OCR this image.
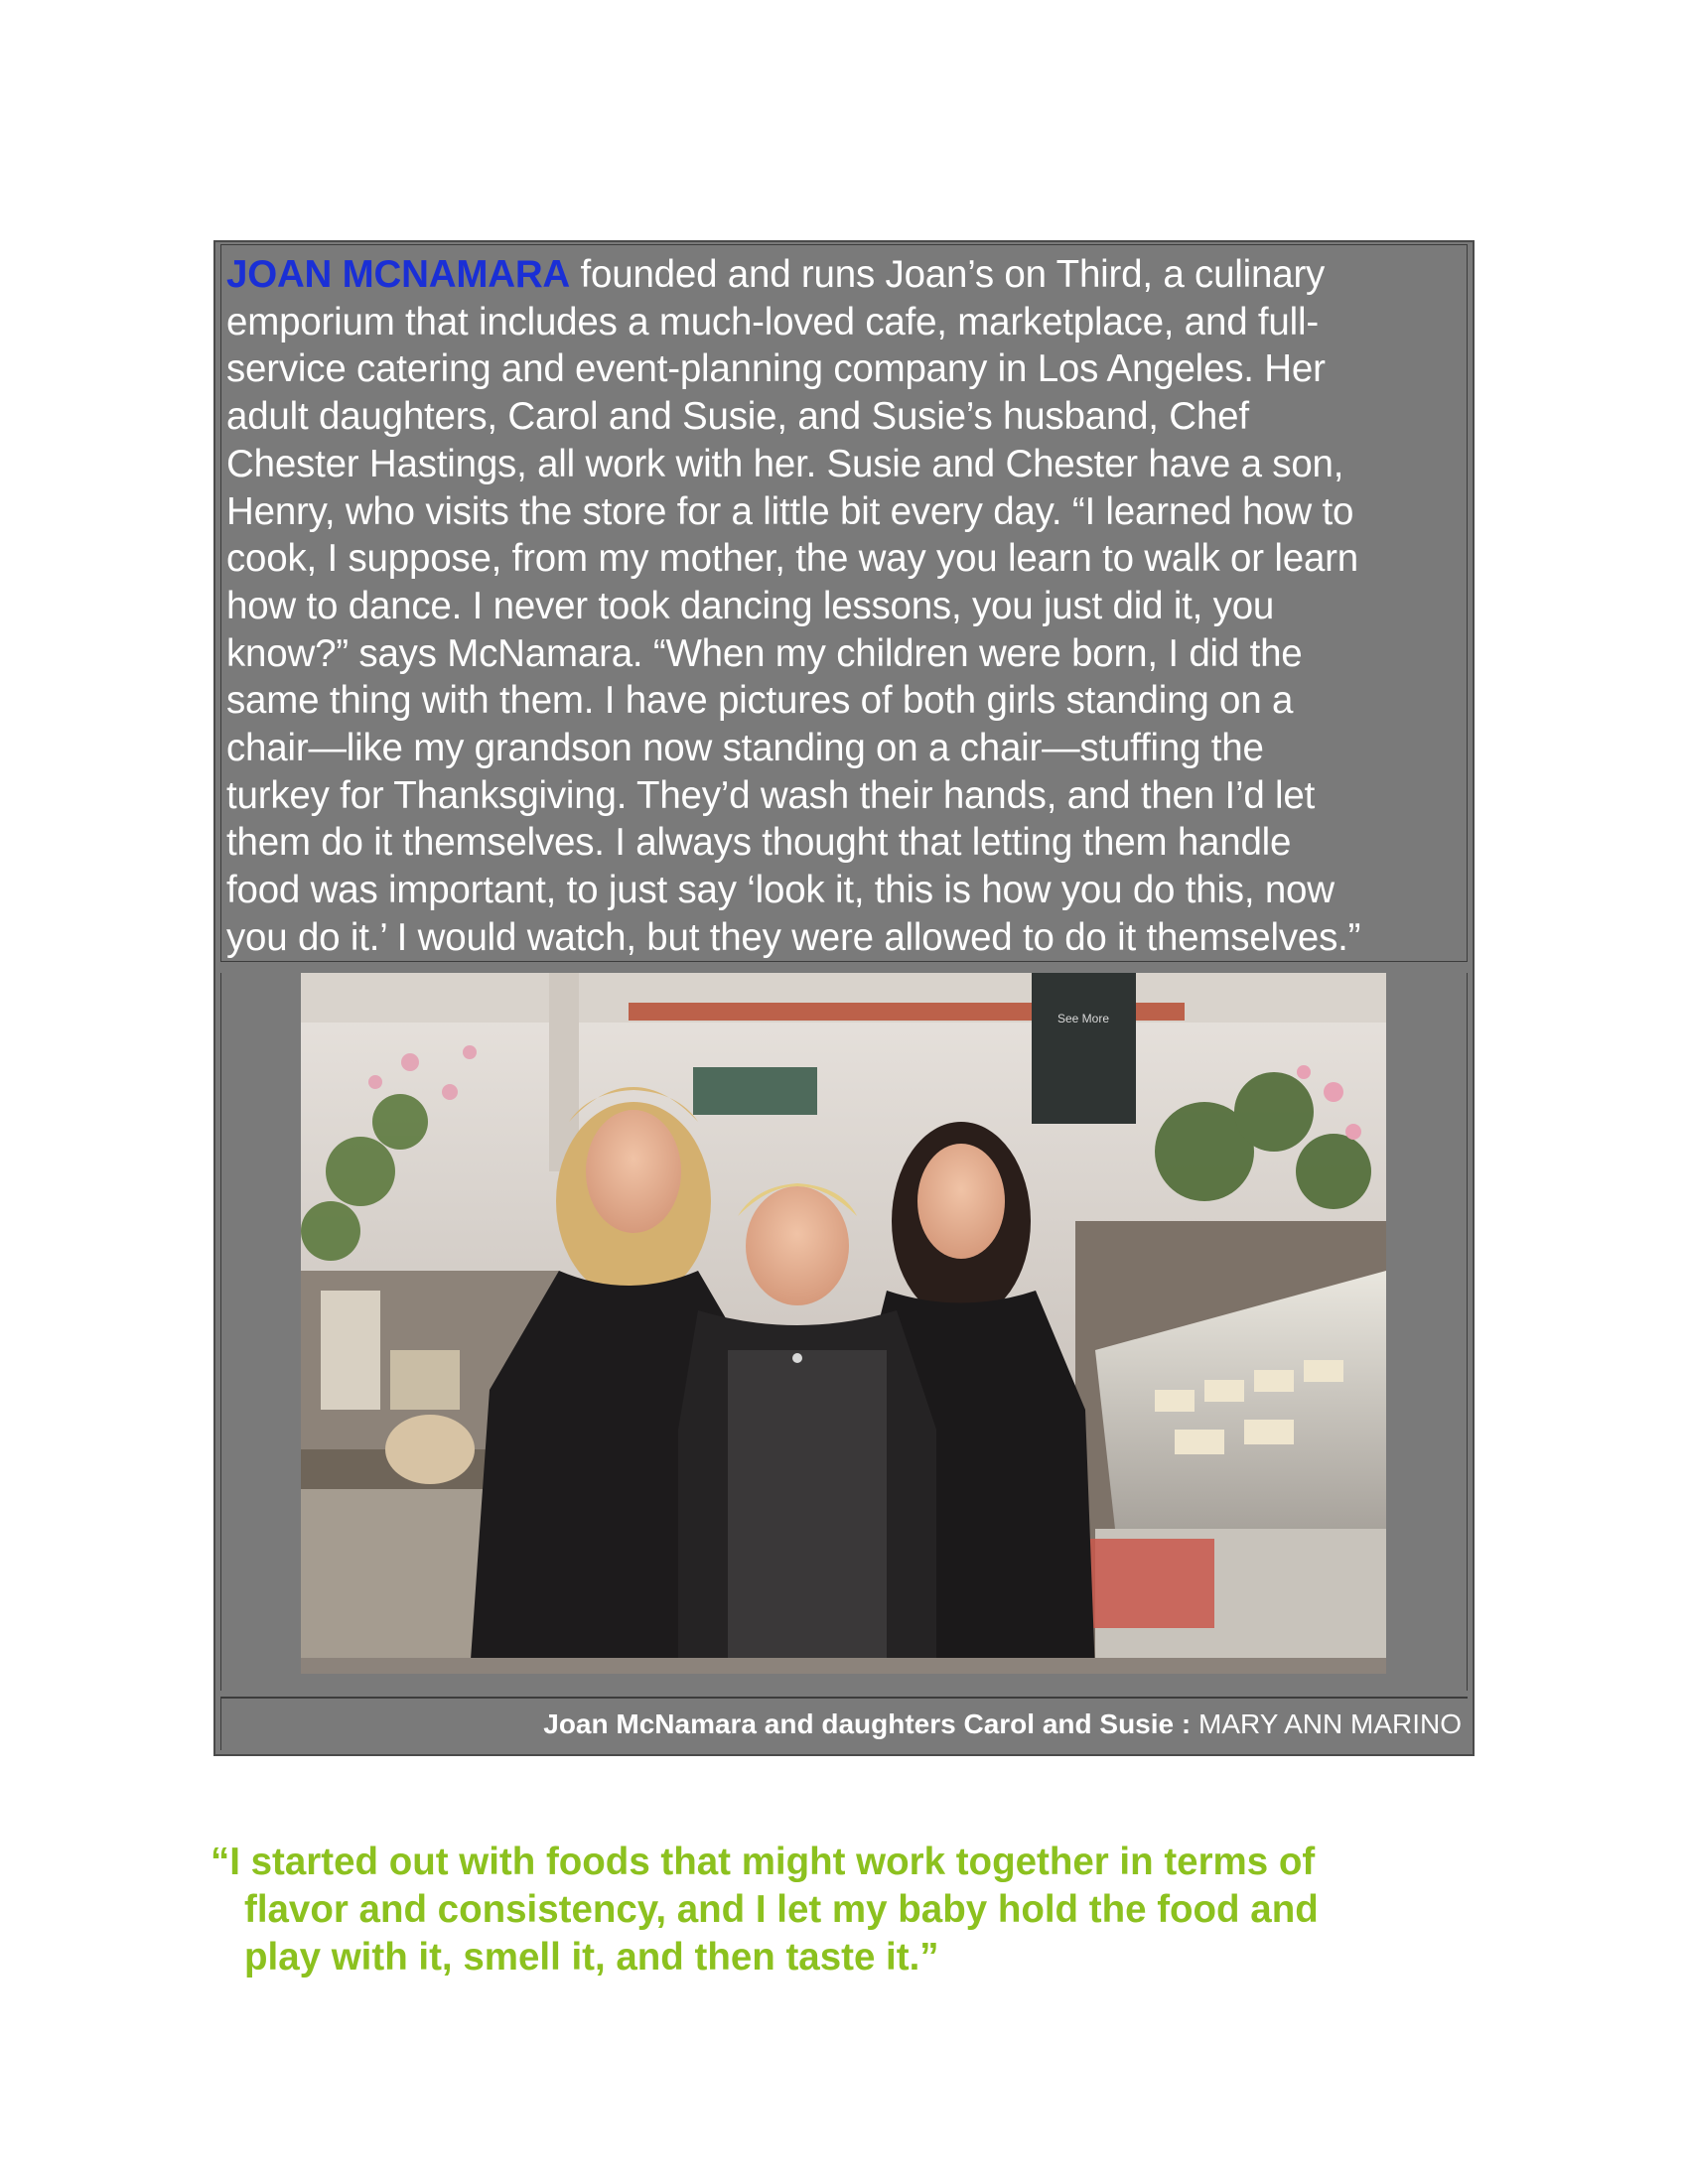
JOAN MCNAMARA founded and runs Joan’s on Third, a culinary
emporium that includes a much-loved cafe, marketplace, and full-
service catering and event-planning company in Los Angeles. Her
adult daughters, Carol and Susie, and Susie’s husband, Chef
Chester Hastings, all work with her. Susie and Chester have a son,
Henry, who visits the store for a little bit every day. “I learned how to
cook, I suppose, from my mother, the way you learn to walk or learn
how to dance. I never took dancing lessons, you just did it, you
know?” says McNamara. “When my children were born, I did the
same thing with them. I have pictures of both girls standing on a
chair—like my grandson now standing on a chair—stuffing the
turkey for Thanksgiving. They’d wash their hands, and then I’d let
them do it themselves. I always thought that letting them handle
food was important, to just say ‘look it, this is how you do this, now
you do it.’ I would watch, but they were allowed to do it themselves.”
See More
Joan McNamara and daughters Carol and Susie : MARY ANN MARINO
“I started out with foods that might work together in terms of
flavor and consistency, and I let my baby hold the food and
play with it, smell it, and then taste it.”
